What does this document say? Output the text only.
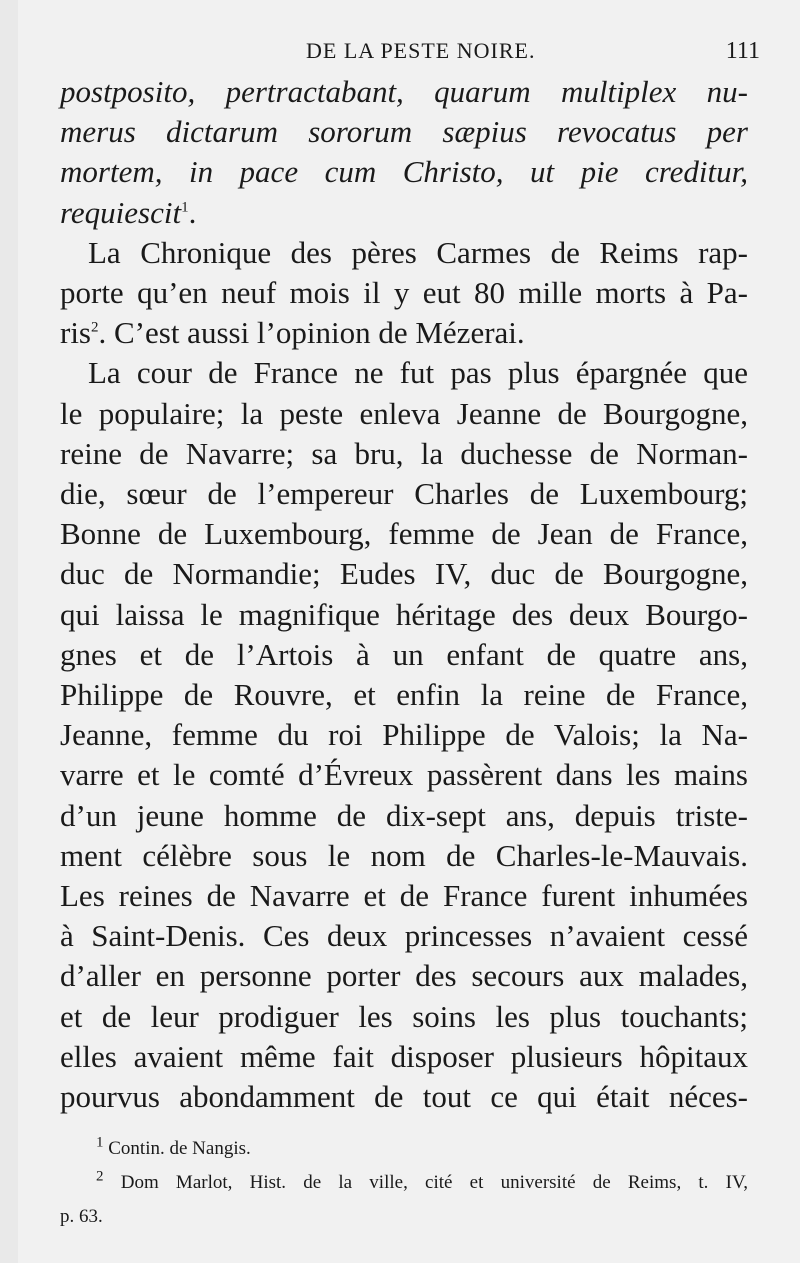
DE LA PESTE NOIRE.	111
postposito, pertractabant, quarum multiplex nu-
merus dictarum sororum sæpius revocatus per
mortem, in pace cum Christo, ut pie creditur,
requiescit$^1$.
La Chronique des pères Carmes de Reims rap-
porte qu’en neuf mois il y eut 80 mille morts à Pa-
ris$^2$. C’est aussi l’opinion de Mézerai.
La cour de France ne fut pas plus épargnée que
le populaire; la peste enleva Jeanne de Bourgogne,
reine de Navarre; sa bru, la duchesse de Norman-
die, sœur de l’empereur Charles de Luxembourg;
Bonne de Luxembourg, femme de Jean de France,
duc de Normandie; Eudes IV, duc de Bourgogne,
qui laissa le magnifique héritage des deux Bourgo-
gnes et de l’Artois à un enfant de quatre ans,
Philippe de Rouvre, et enfin la reine de France,
Jeanne, femme du roi Philippe de Valois; la Na-
varre et le comté d’Évreux passèrent dans les mains
d’un jeune homme de dix-sept ans, depuis triste-
ment célèbre sous le nom de Charles-le-Mauvais.
Les reines de Navarre et de France furent inhumées
à Saint-Denis. Ces deux princesses n’avaient cessé
d’aller en personne porter des secours aux malades,
et de leur prodiguer les soins les plus touchants;
elles avaient même fait disposer plusieurs hôpitaux
pourvus abondamment de tout ce qui était néces-
$^1$ Contin. de Nangis.
$^2$ Dom Marlot, Hist. de la ville, cité et université de Reims, t. IV,
p. 63.
